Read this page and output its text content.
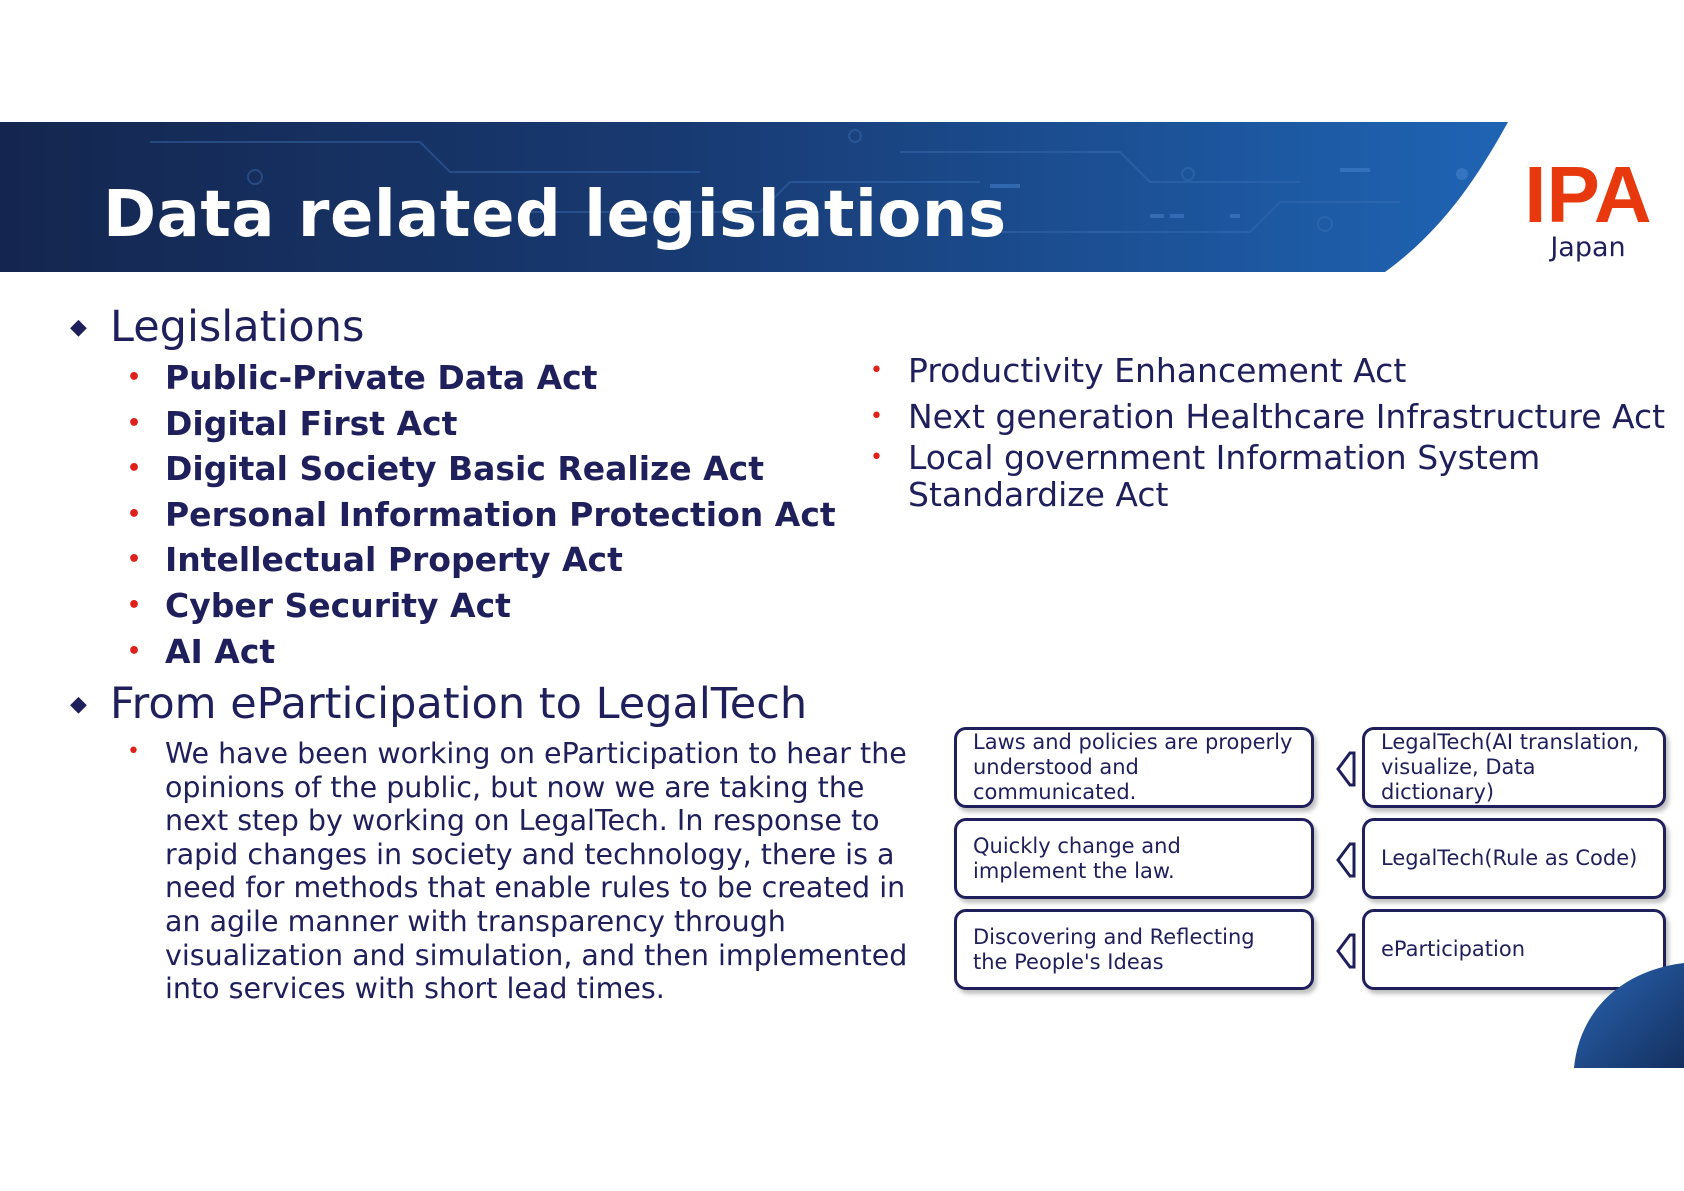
Data related legislations	IPA
Japan
◆ Legislations
• Public-Private Data Act
• Digital First Act
• Digital Society Basic Realize Act
• Personal Information Protection Act
• Intellectual Property Act
• Cyber Security Act
• AI Act
• Productivity Enhancement Act
• Next generation Healthcare Infrastructure Act
• Local government Information System Standardize Act
◆ From eParticipation to LegalTech
• We have been working on eParticipation to hear the opinions of the public, but now we are taking the next step by working on LegalTech. In response to rapid changes in society and technology, there is a need for methods that enable rules to be created in an agile manner with transparency through visualization and simulation, and then implemented into services with short lead times.
Laws and policies are properly understood and communicated.
LegalTech(AI translation, visualize, Data dictionary)
Quickly change and implement the law.
LegalTech(Rule as Code)
Discovering and Reflecting the People's Ideas
eParticipation
